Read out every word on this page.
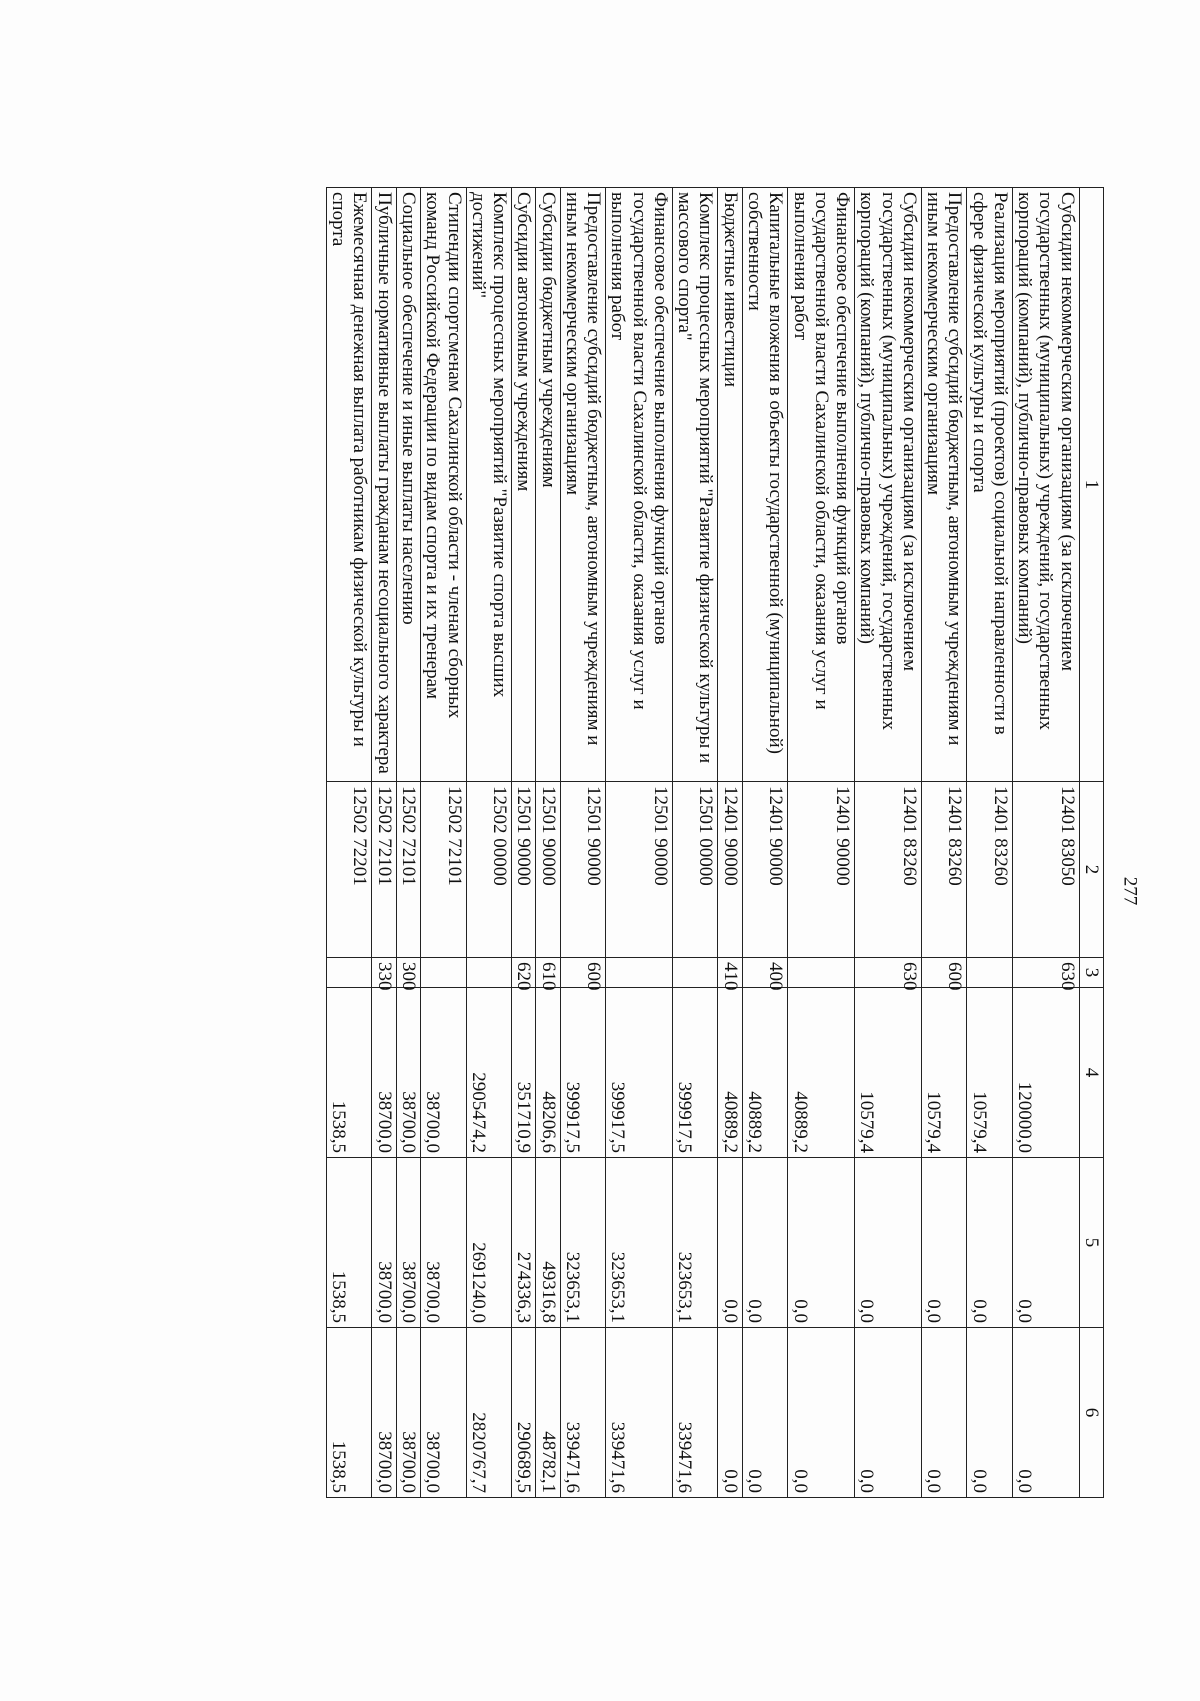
277
1	2	3	4	5	6
Субсидии некоммерческим организациям (за исключением государственных (муниципальных) учреждений, государственных корпораций (компаний), публично-правовых компаний)	12401 83050	630	120000,0	0,0	0,0
Реализация мероприятий (проектов) социальной направленности в сфере физической культуры и спорта	12401 83260		10579,4	0,0	0,0
Предоставление субсидий бюджетным, автономным учреждениям и иным некоммерческим организациям	12401 83260	600	10579,4	0,0	0,0
Субсидии некоммерческим организациям (за исключением государственных (муниципальных) учреждений, государственных корпораций (компаний), публично-правовых компаний)	12401 83260	630	10579,4	0,0	0,0
Финансовое обеспечение выполнения функций органов государственной власти Сахалинской области, оказания услуг и выполнения работ	12401 90000		40889,2	0,0	0,0
Капитальные вложения в объекты государственной (муниципальной) собственности	12401 90000	400	40889,2	0,0	0,0
Бюджетные инвестиции	12401 90000	410	40889,2	0,0	0,0
Комплекс процессных мероприятий "Развитие физической культуры и массового спорта"	12501 00000		399917,5	323653,1	339471,6
Финансовое обеспечение выполнения функций органов государственной власти Сахалинской области, оказания услуг и выполнения работ	12501 90000		399917,5	323653,1	339471,6
Предоставление субсидий бюджетным, автономным учреждениям и иным некоммерческим организациям	12501 90000	600	399917,5	323653,1	339471,6
Субсидии бюджетным учреждениям	12501 90000	610	48206,6	49316,8	48782,1
Субсидии автономным учреждениям	12501 90000	620	351710,9	274336,3	290689,5
Комплекс процессных мероприятий "Развитие спорта высших достижений"	12502 00000		2905474,2	2691240,0	2820767,7
Стипендии спортсменам Сахалинской области - членам сборных команд Российской Федерации по видам спорта и их тренерам	12502 72101		38700,0	38700,0	38700,0
Социальное обеспечение и иные выплаты населению	12502 72101	300	38700,0	38700,0	38700,0
Публичные нормативные выплаты гражданам несоциального характера	12502 72101	330	38700,0	38700,0	38700,0
Ежемесячная денежная выплата работникам физической культуры и спорта	12502 72201		1538,5	1538,5	1538,5
